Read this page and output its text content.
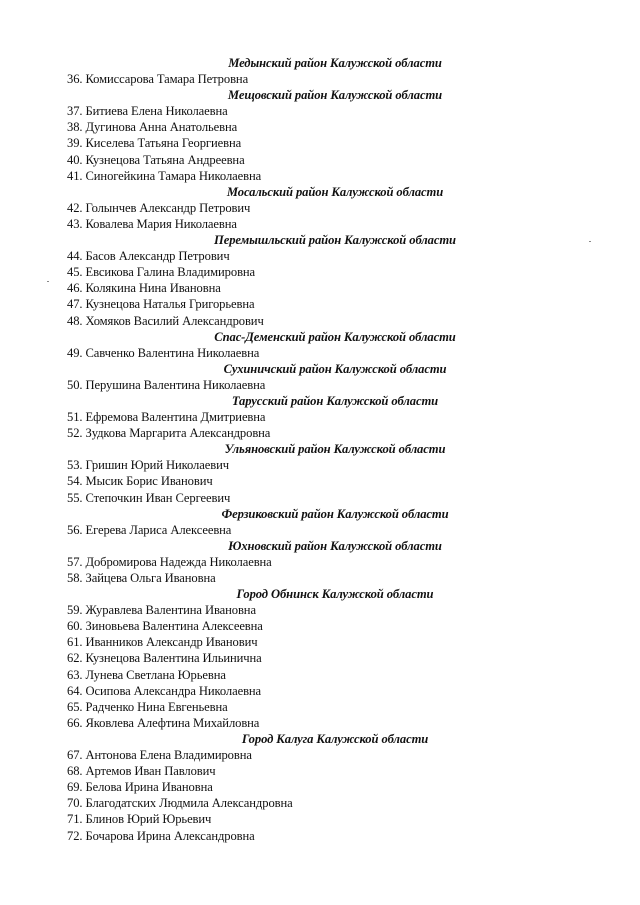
Медынский район Калужской области
36. Комиссарова Тамара Петровна
Мещовский район Калужской области
37. Битиева Елена Николаевна
38. Дугинова Анна Анатольевна
39. Киселева Татьяна Георгиевна
40. Кузнецова Татьяна Андреевна
41. Синогейкина Тамара Николаевна
Мосальский район Калужской области
42. Голынчев Александр Петрович
43. Ковалева Мария Николаевна
Перемышльский район Калужской области
44. Басов Александр Петрович
45. Евсикова Галина Владимировна
46. Колякина Нина Ивановна
47. Кузнецова Наталья Григорьевна
48. Хомяков Василий Александрович
Спас-Деменский район Калужской области
49. Савченко Валентина Николаевна
Сухиничский район Калужской области
50. Перушина Валентина Николаевна
Тарусский район Калужской области
51. Ефремова Валентина Дмитриевна
52. Зудкова Маргарита Александровна
Ульяновский район Калужской области
53. Гришин Юрий Николаевич
54. Мысик Борис Иванович
55. Степочкин Иван Сергеевич
Ферзиковский район Калужской области
56. Егерева Лариса Алексеевна
Юхновский район Калужской области
57. Добромирова Надежда Николаевна
58. Зайцева Ольга Ивановна
Город Обнинск Калужской области
59. Журавлева Валентина Ивановна
60. Зиновьева Валентина Алексеевна
61. Иванников Александр Иванович
62. Кузнецова Валентина Ильинична
63. Лунева Светлана Юрьевна
64. Осипова Александра Николаевна
65. Радченко Нина Евгеньевна
66. Яковлева Алефтина Михайловна
Город Калуга Калужской области
67. Антонова Елена Владимировна
68. Артемов Иван Павлович
69. Белова Ирина Ивановна
70. Благодатских Людмила Александровна
71. Блинов Юрий Юрьевич
72. Бочарова Ирина Александровна
